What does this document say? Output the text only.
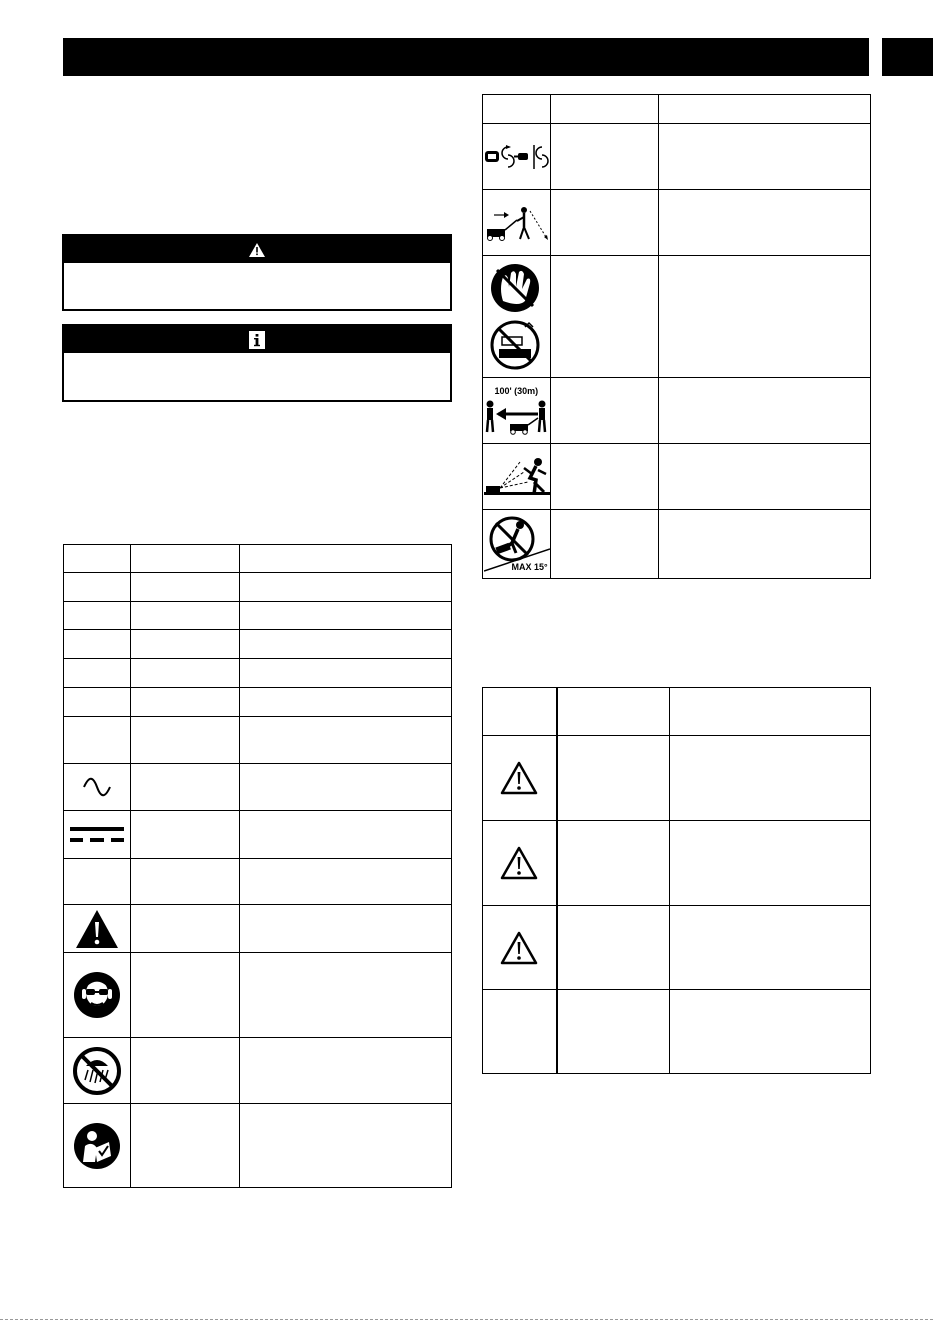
100' (30m)		

MAX 15°		
